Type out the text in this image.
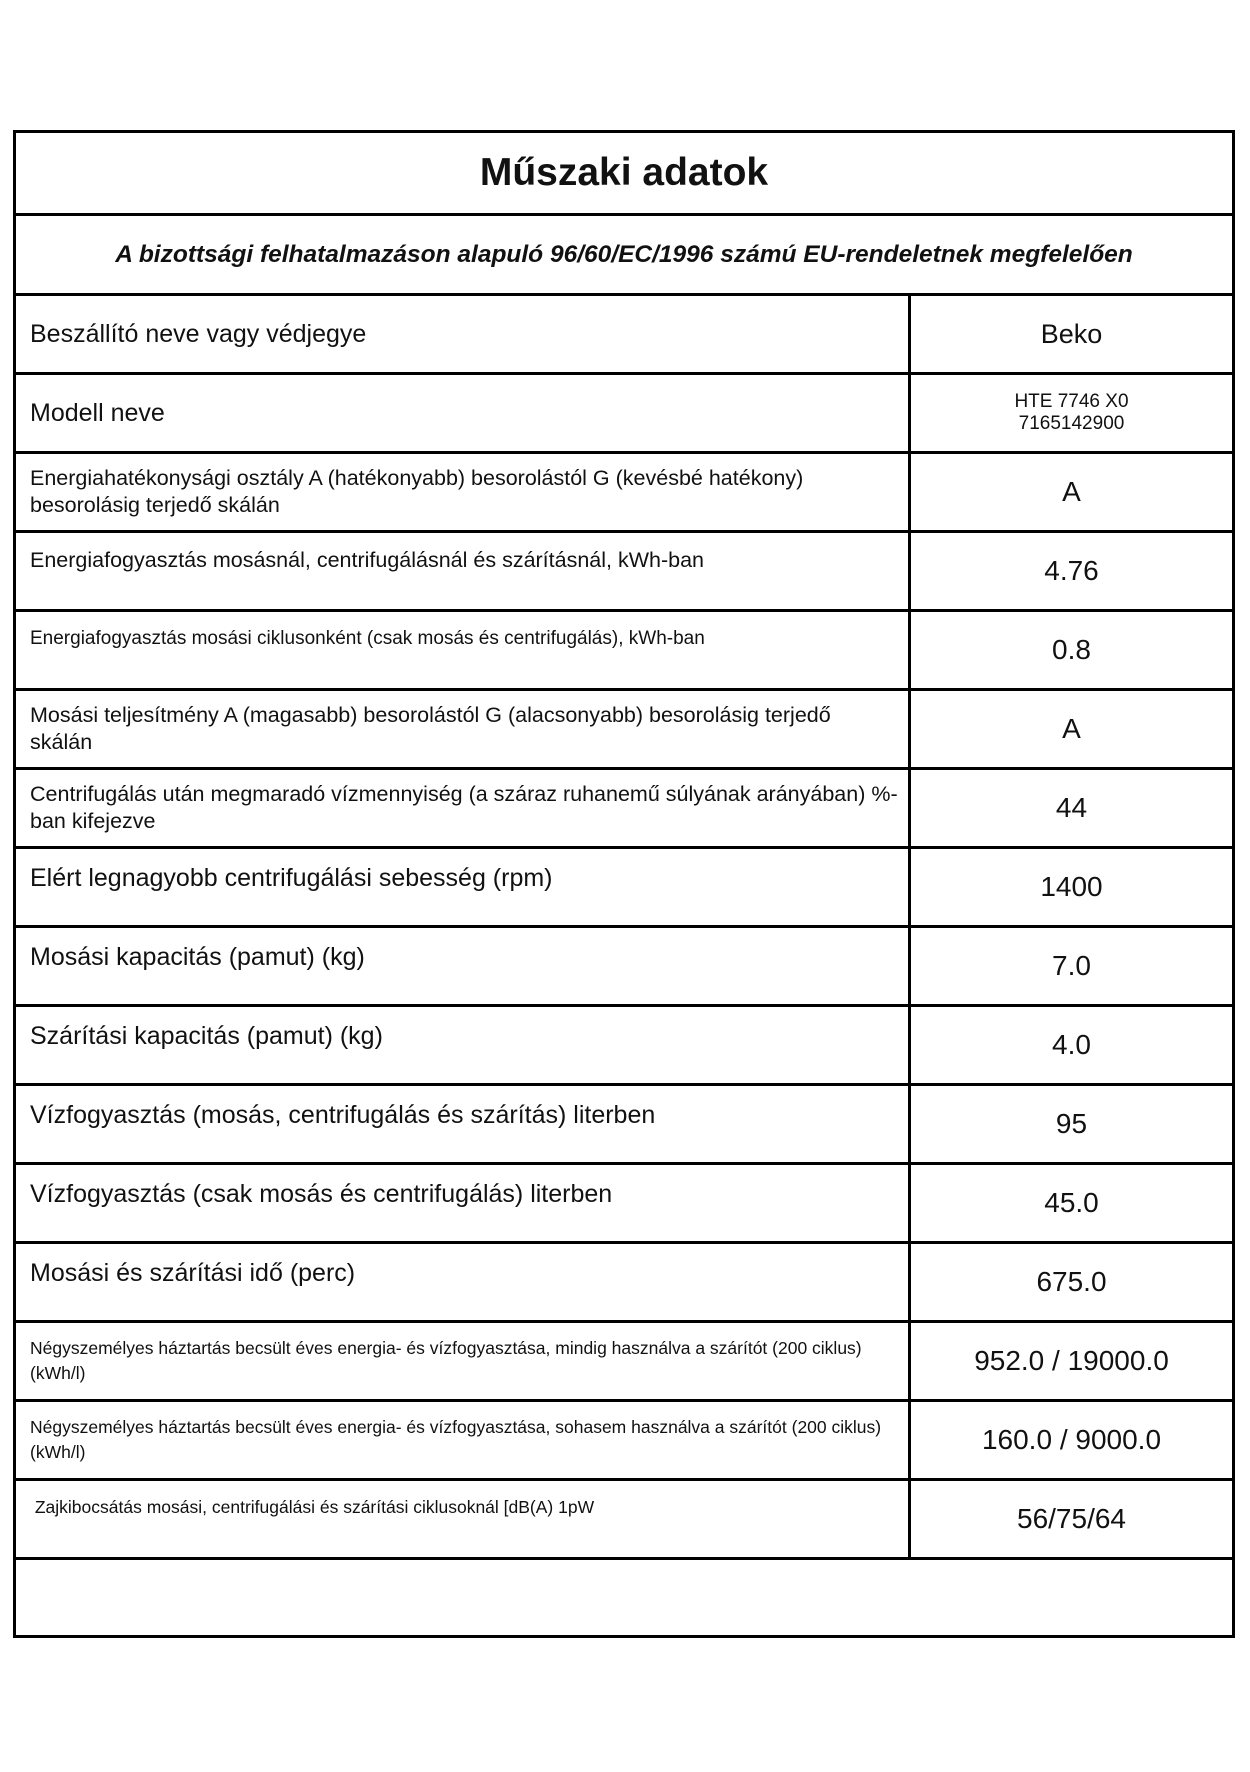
Műszaki adatok
A bizottsági felhatalmazáson alapuló 96/60/EC/1996 számú EU-rendeletnek megfelelően
Beszállító neve vagy védjegye	Beko
Modell neve	HTE 7746 X0
7165142900
Energiahatékonysági osztály A (hatékonyabb) besorolástól G (kevésbé hatékony) besorolásig terjedő skálán	A
Energiafogyasztás mosásnál, centrifugálásnál és szárításnál, kWh-ban	4.76
Energiafogyasztás mosási ciklusonként (csak mosás és centrifugálás), kWh-ban	0.8
Mosási teljesítmény A (magasabb) besorolástól G (alacsonyabb) besorolásig terjedő skálán	A
Centrifugálás után megmaradó vízmennyiség (a száraz ruhanemű súlyának arányában) %-ban kifejezve	44
Elért legnagyobb centrifugálási sebesség (rpm)	1400
Mosási kapacitás (pamut) (kg)	7.0
Szárítási kapacitás (pamut) (kg)	4.0
Vízfogyasztás (mosás, centrifugálás és szárítás) literben	95
Vízfogyasztás (csak mosás és centrifugálás) literben	45.0
Mosási és szárítási idő (perc)	675.0
Négyszemélyes háztartás becsült éves energia- és vízfogyasztása, mindig használva a szárítót (200 ciklus) (kWh/l)	952.0 / 19000.0
Négyszemélyes háztartás becsült éves energia- és vízfogyasztása, sohasem használva a szárítót (200 ciklus) (kWh/l)	160.0 / 9000.0
Zajkibocsátás mosási, centrifugálási és szárítási ciklusoknál [dB(A) 1pW	56/75/64
